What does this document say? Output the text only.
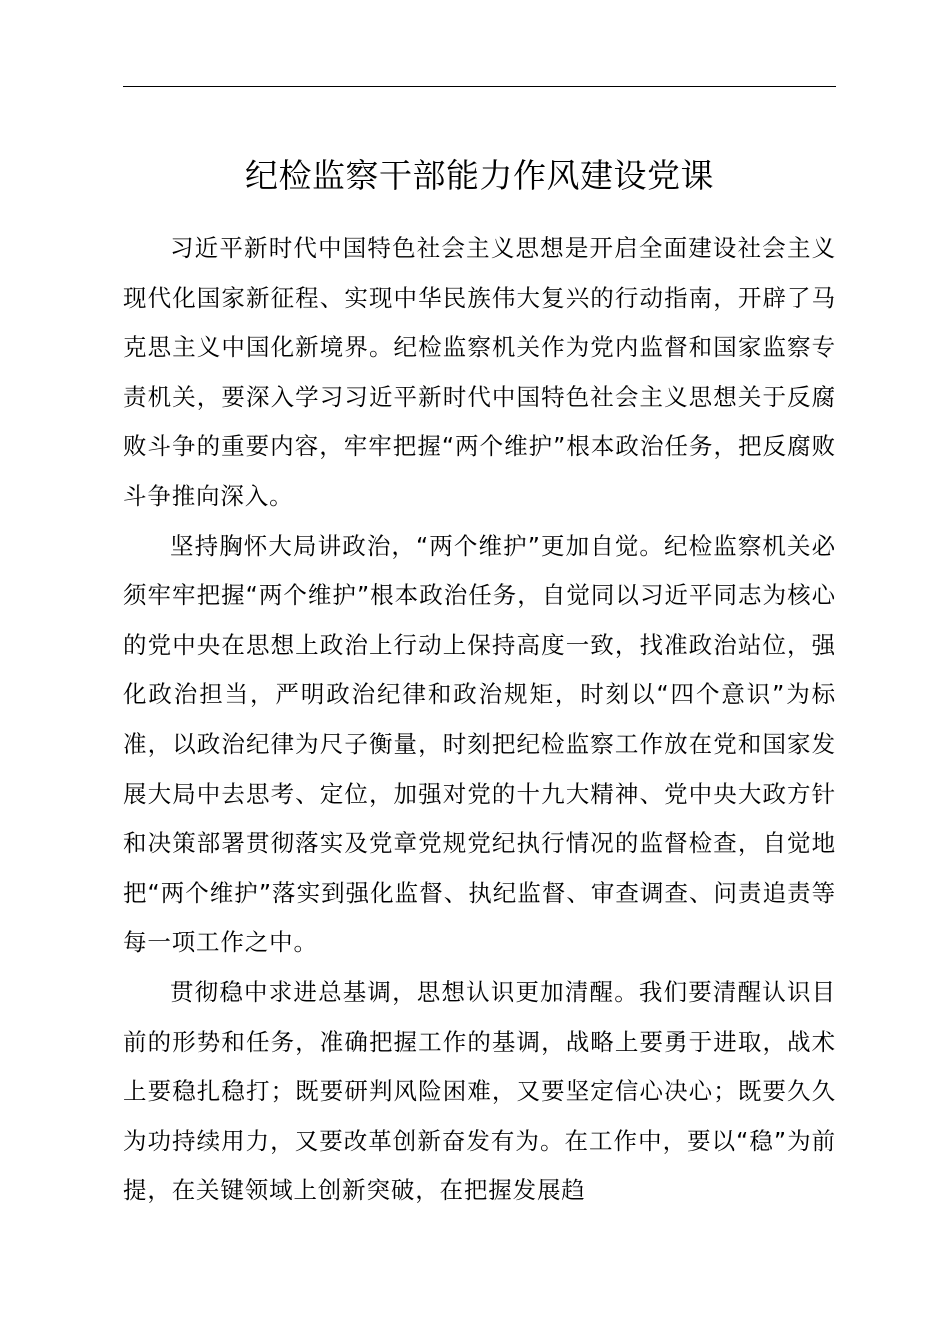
纪检监察干部能力作风建设党课

习近平新时代中国特色社会主义思想是开启全面建设社会主义现代化国家新征程、实现中华民族伟大复兴的行动指南，开辟了马克思主义中国化新境界。纪检监察机关作为党内监督和国家监察专责机关，要深入学习习近平新时代中国特色社会主义思想关于反腐败斗争的重要内容，牢牢把握“两个维护”根本政治任务，把反腐败斗争推向深入。

坚持胸怀大局讲政治，“两个维护”更加自觉。纪检监察机关必须牢牢把握“两个维护”根本政治任务，自觉同以习近平同志为核心的党中央在思想上政治上行动上保持高度一致，找准政治站位，强化政治担当，严明政治纪律和政治规矩，时刻以“四个意识”为标准，以政治纪律为尺子衡量，时刻把纪检监察工作放在党和国家发展大局中去思考、定位，加强对党的十九大精神、党中央大政方针和决策部署贯彻落实及党章党规党纪执行情况的监督检查，自觉地把“两个维护”落实到强化监督、执纪监督、审查调查、问责追责等每一项工作之中。

贯彻稳中求进总基调，思想认识更加清醒。我们要清醒认识目前的形势和任务，准确把握工作的基调，战略上要勇于进取，战术上要稳扎稳打；既要研判风险困难，又要坚定信心决心；既要久久为功持续用力，又要改革创新奋发有为。在工作中，要以“稳”为前提，在关键领域上创新突破，在把握发展趋
